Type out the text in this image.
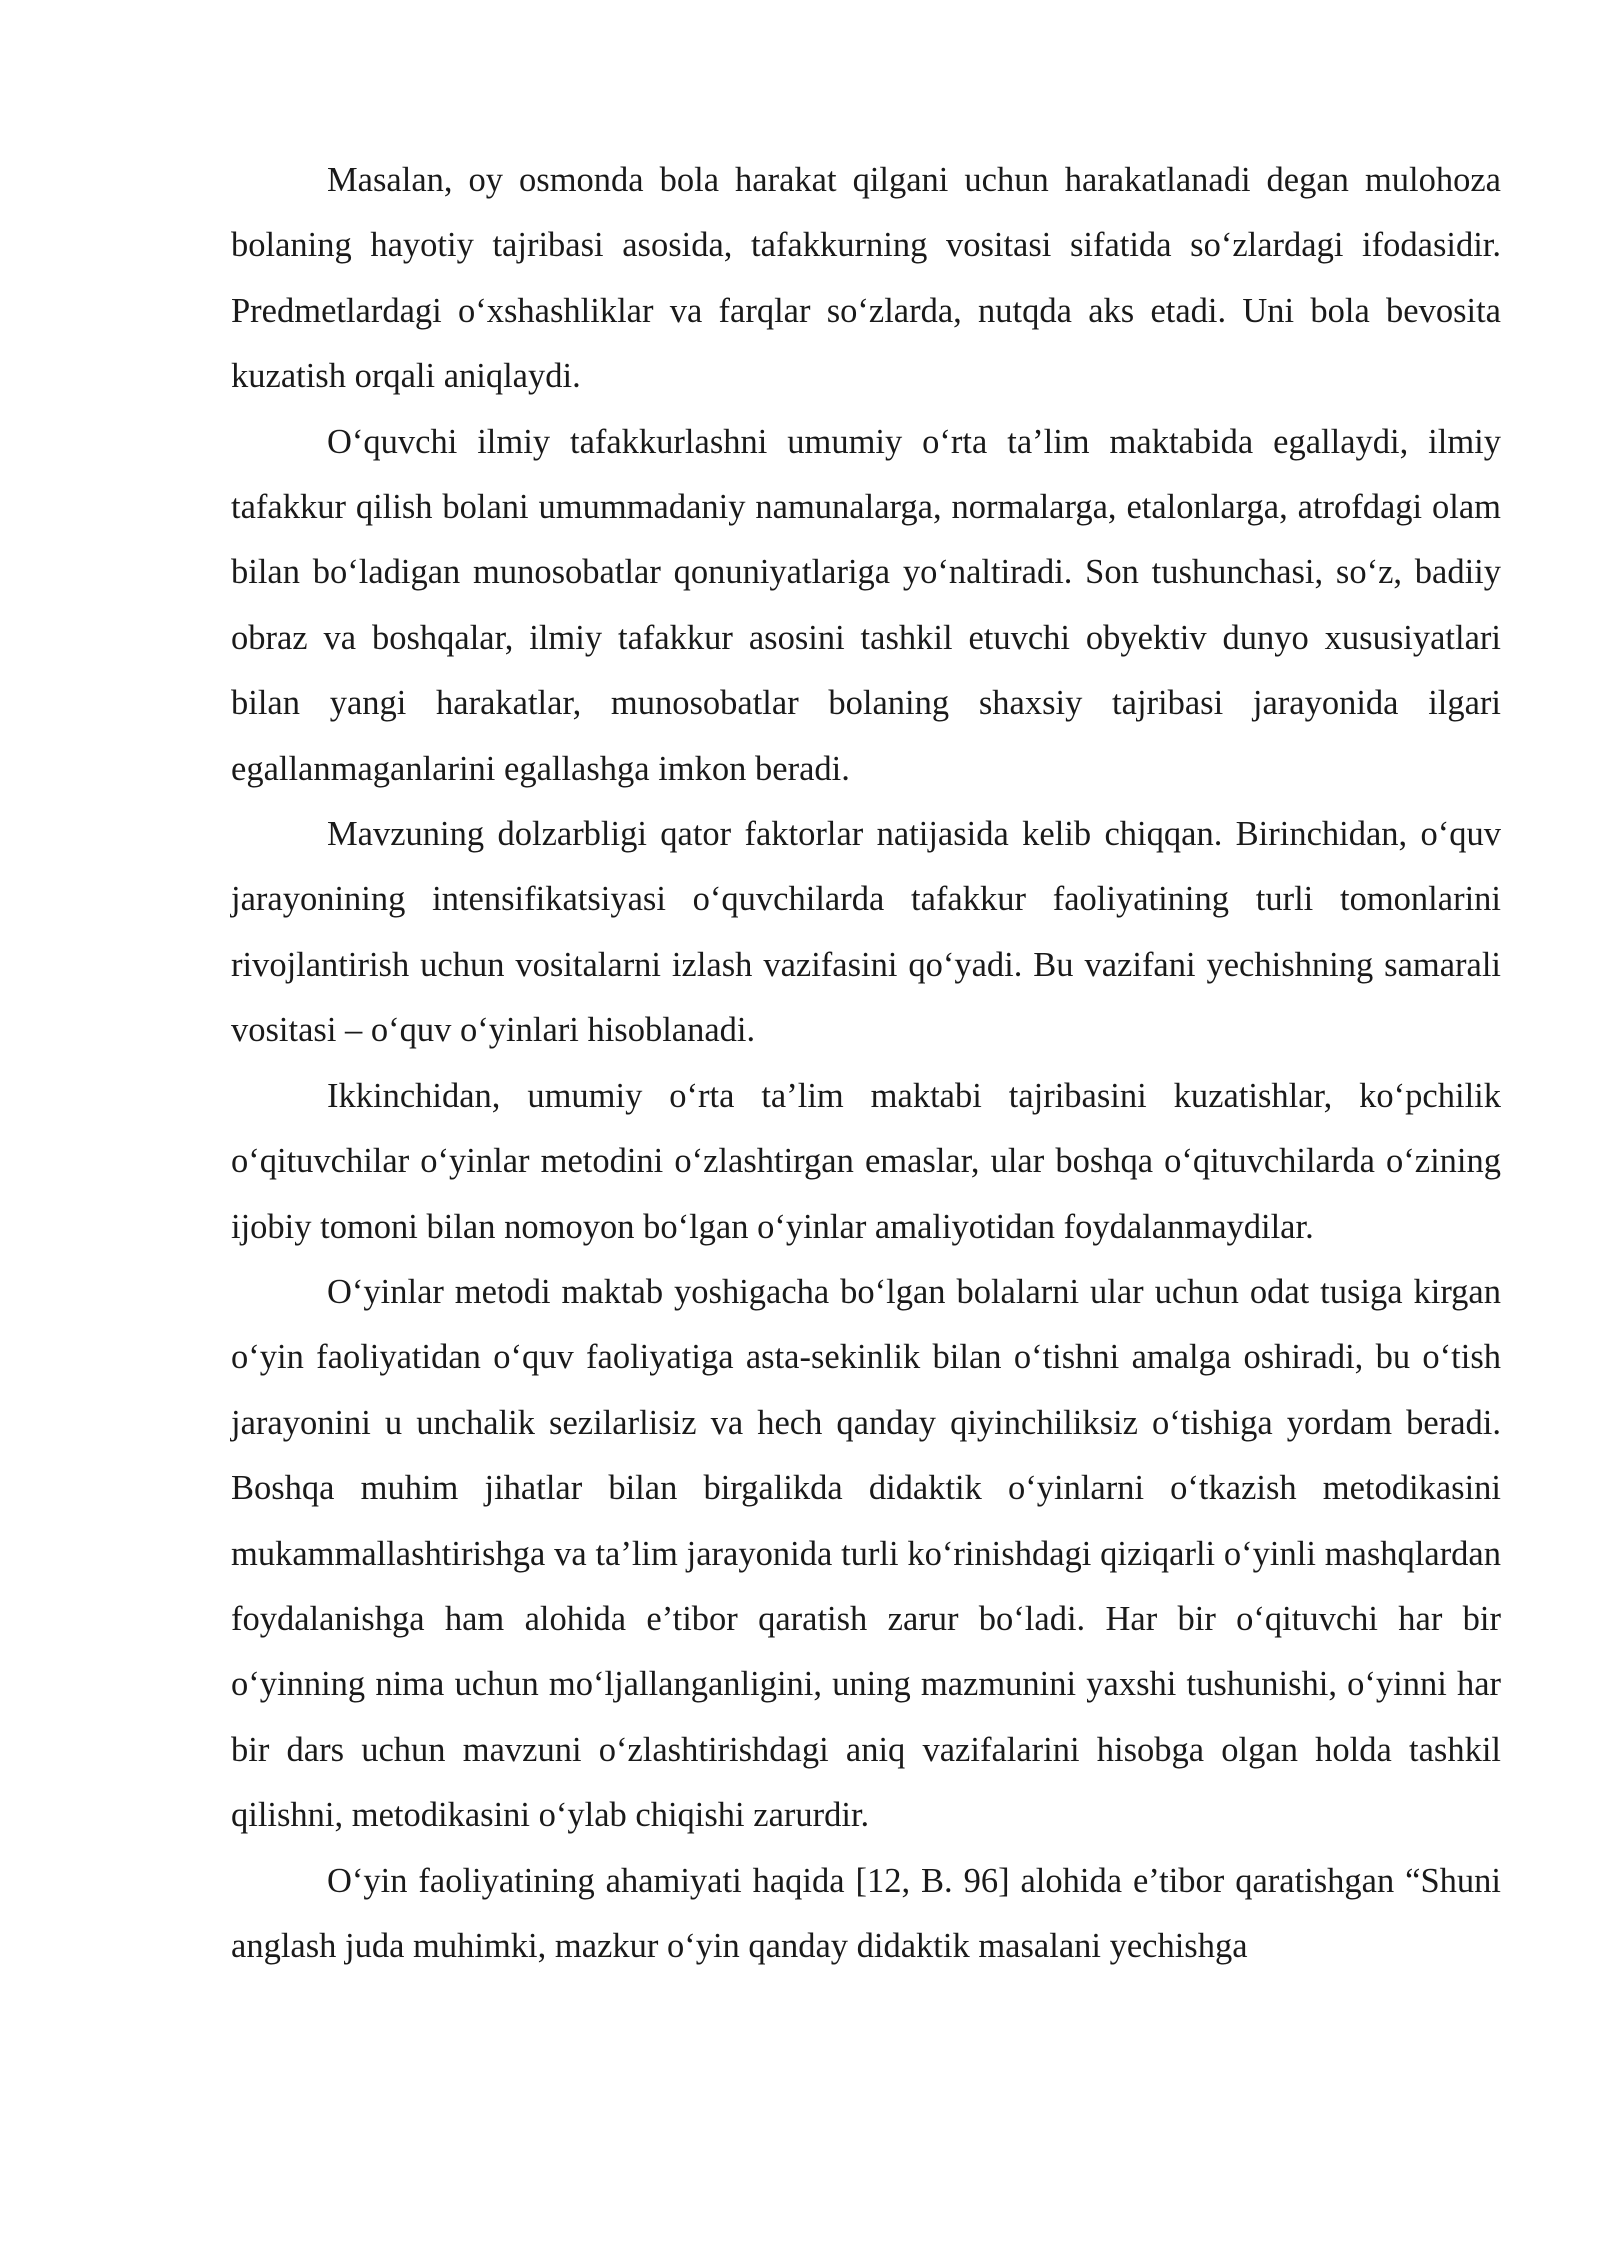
Masalan, oy osmonda bola harakat qilgani uchun harakatlanadi degan mulohoza bolaning hayotiy tajribasi asosida, tafakkurning vositasi sifatida so‘zlardagi ifodasidir. Predmetlardagi o‘xshashliklar va farqlar so‘zlarda, nutqda aks etadi. Uni bola bevosita kuzatish orqali aniqlaydi.

O‘quvchi ilmiy tafakkurlashni umumiy o‘rta ta’lim maktabida egallaydi, ilmiy tafakkur qilish bolani umummadaniy namunalarga, normalarga, etalonlarga, atrofdagi olam bilan bo‘ladigan munosobatlar qonuniyatlariga yo‘naltiradi. Son tushunchasi, so‘z, badiiy obraz va boshqalar, ilmiy tafakkur asosini tashkil etuvchi obyektiv dunyo xususiyatlari bilan yangi harakatlar, munosobatlar bolaning shaxsiy tajribasi jarayonida ilgari egallanmaganlarini egallashga imkon beradi.

Mavzuning dolzarbligi qator faktorlar natijasida kelib chiqqan. Birinchidan, o‘quv jarayonining intensifikatsiyasi o‘quvchilarda tafakkur faoliyatining turli tomonlarini rivojlantirish uchun vositalarni izlash vazifasini qo‘yadi. Bu vazifani yechishning samarali vositasi – o‘quv o‘yinlari hisoblanadi.

Ikkinchidan, umumiy o‘rta ta’lim maktabi tajribasini kuzatishlar, ko‘pchilik o‘qituvchilar o‘yinlar metodini o‘zlashtirgan emaslar, ular boshqa o‘qituvchilarda o‘zining ijobiy tomoni bilan nomoyon bo‘lgan o‘yinlar amaliyotidan foydalanmaydilar.

O‘yinlar metodi maktab yoshigacha bo‘lgan bolalarni ular uchun odat tusiga kirgan o‘yin faoliyatidan o‘quv faoliyatiga asta-sekinlik bilan o‘tishni amalga oshiradi, bu o‘tish jarayonini u unchalik sezilarlisiz va hech qanday qiyinchiliksiz o‘tishiga yordam beradi. Boshqa muhim jihatlar bilan birgalikda didaktik o‘yinlarni o‘tkazish metodikasini mukammallashtirishga va ta’lim jarayonida turli ko‘rinishdagi qiziqarli o‘yinli mashqlardan foydalanishga ham alohida e’tibor qaratish zarur bo‘ladi. Har bir o‘qituvchi har bir o‘yinning nima uchun mo‘ljallanganligini, uning mazmunini yaxshi tushunishi, o‘yinni har bir dars uchun mavzuni o‘zlashtirishdagi aniq vazifalarini hisobga olgan holda tashkil qilishni, metodikasini o‘ylab chiqishi zarurdir.

O‘yin faoliyatining ahamiyati haqida [12, B. 96] alohida e’tibor qaratishgan “Shuni anglash juda muhimki, mazkur o‘yin qanday didaktik masalani yechishga
